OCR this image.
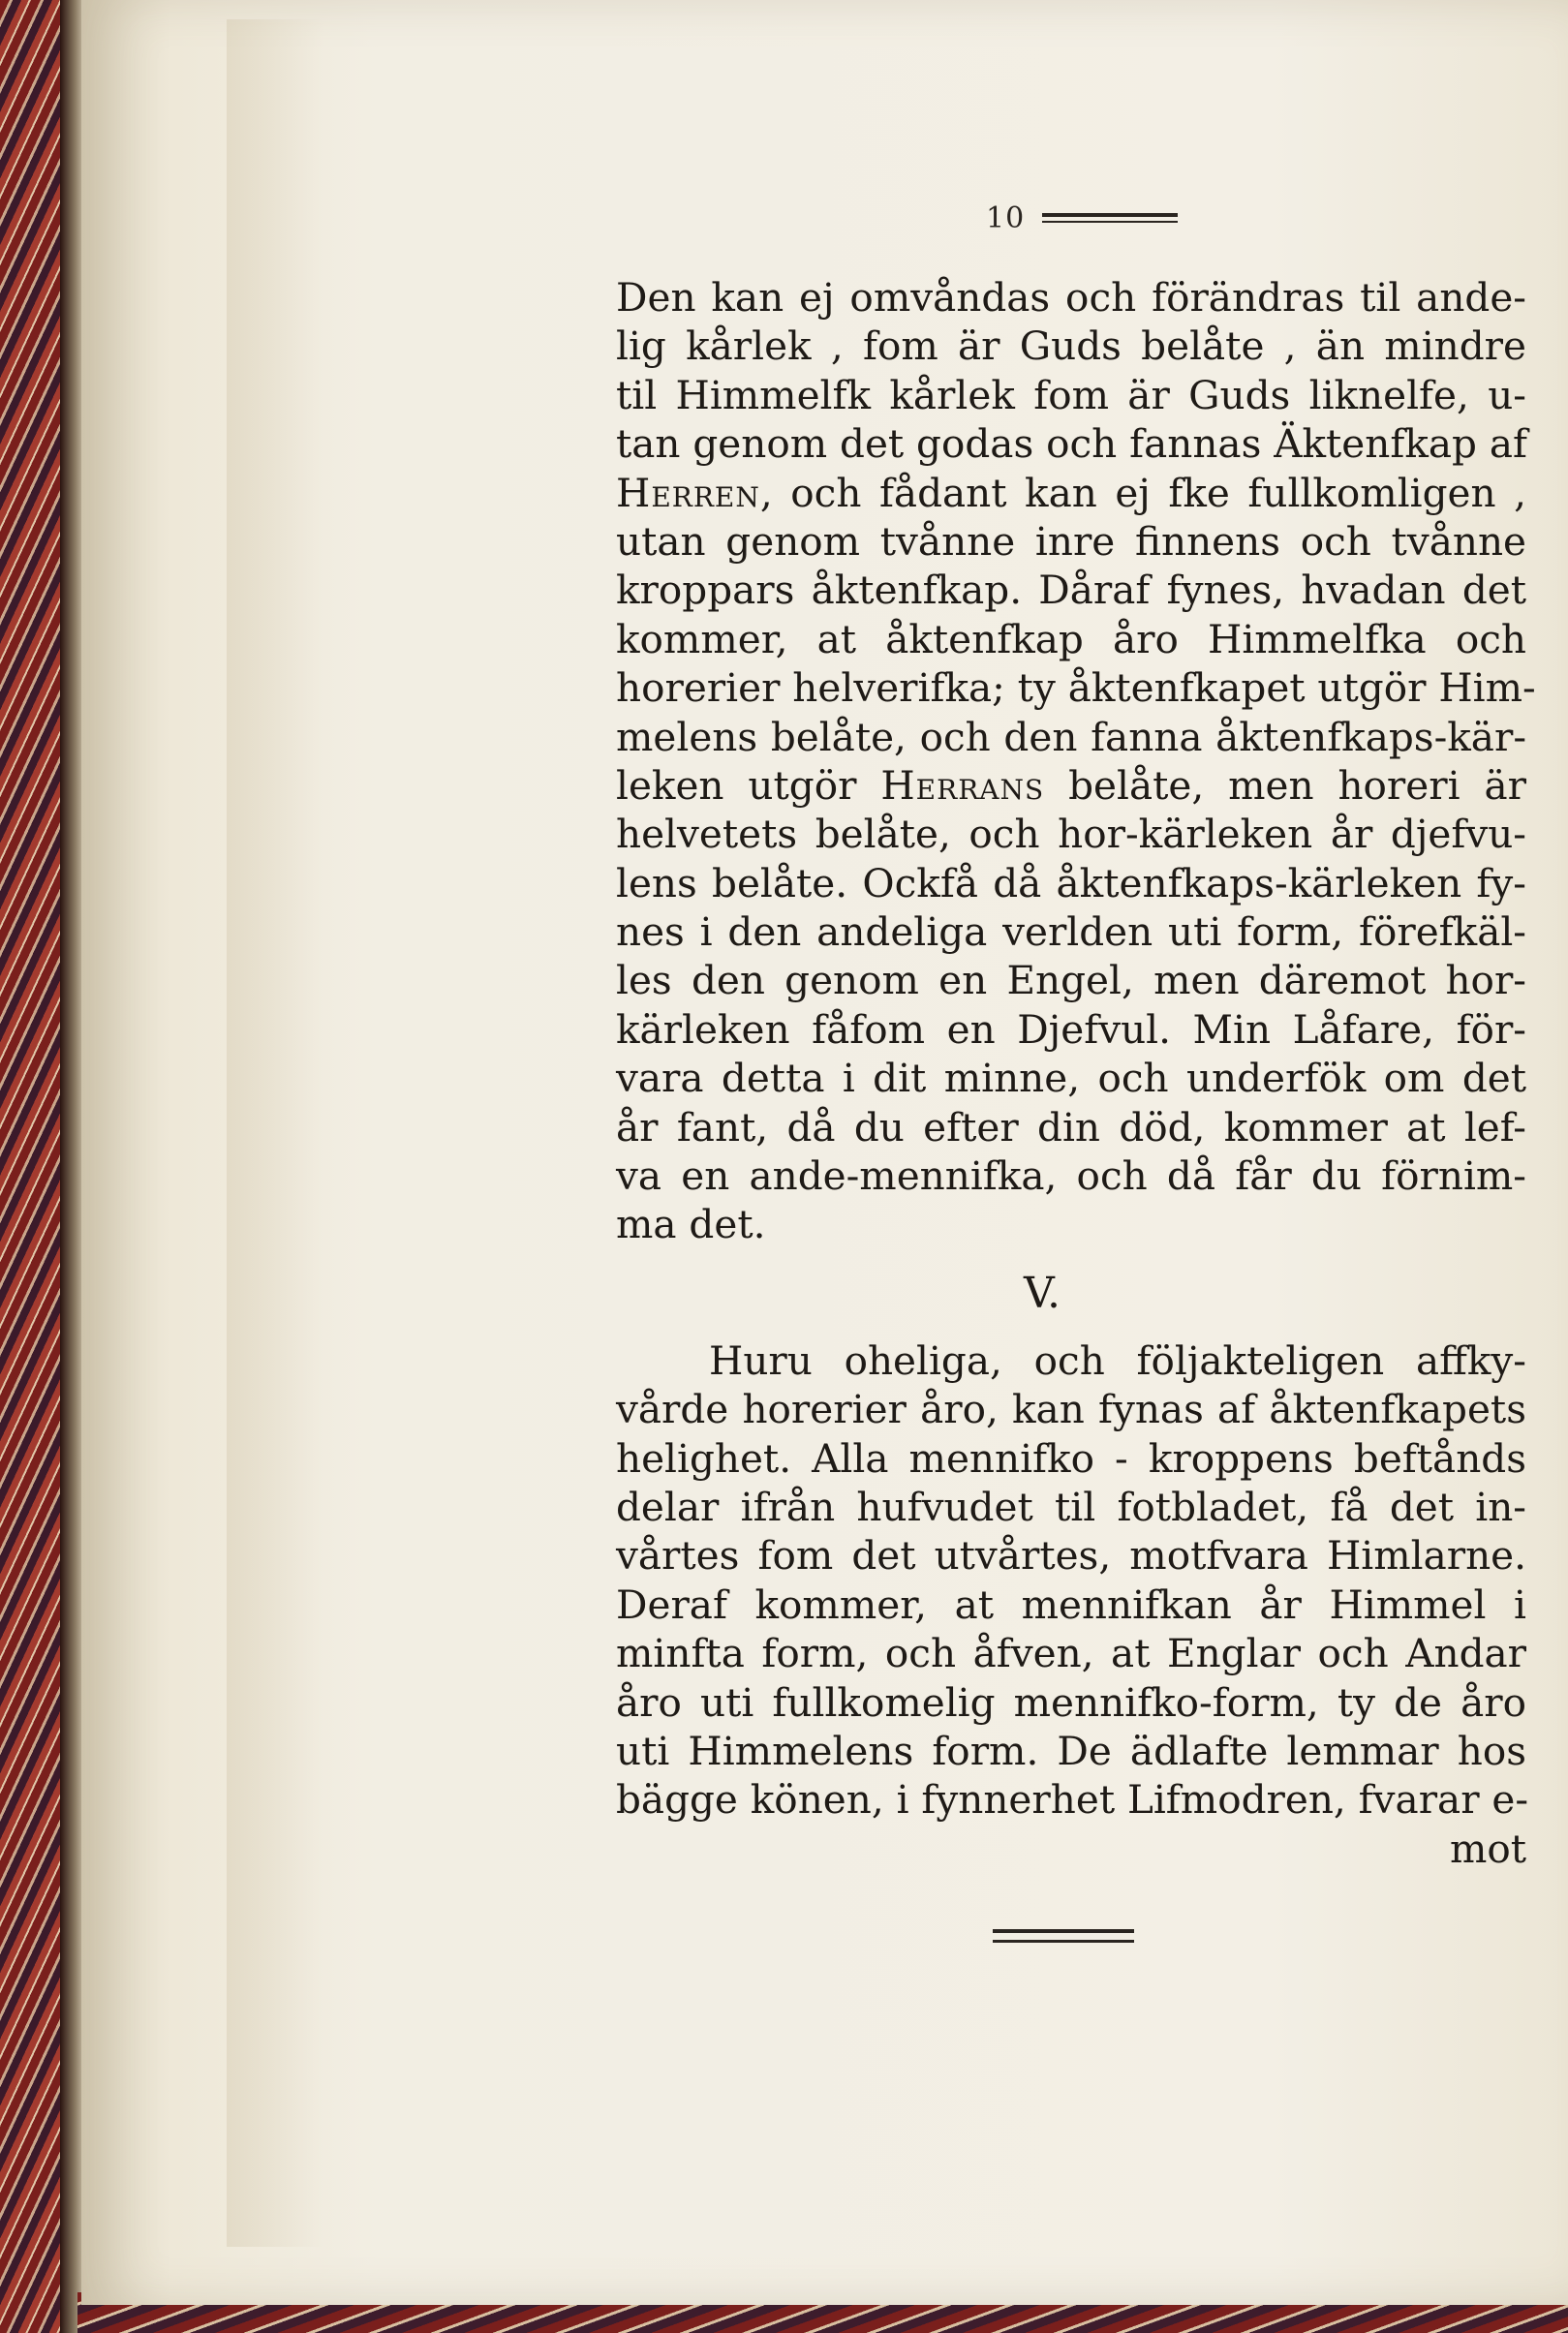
10
Den kan ej omvåndas och förändras til ande-
lig kårlek , fom är Guds belåte , än mindre
til Himmelfk kårlek fom är Guds liknelfe, u-
tan genom det godas och fannas Äktenfkap af
Herren, och fådant kan ej fke fullkomligen ,
utan genom tvånne inre finnens och tvånne
kroppars åktenfkap. Dåraf fynes, hvadan det
kommer, at åktenfkap åro Himmelfka och
horerier helverifka; ty åktenfkapet utgör Him-
melens belåte, och den fanna åktenfkaps-kär-
leken utgör Herrans belåte, men horeri är
helvetets belåte, och hor-kärleken år djefvu-
lens belåte. Ockfå då åktenfkaps-kärleken fy-
nes i den andeliga verlden uti form, förefkäl-
les den genom en Engel, men däremot hor-
kärleken fåfom en Djefvul. Min Låfare, för-
vara detta i dit minne, och underfök om det
år fant, då du efter din död, kommer at lef-
va en ande-mennifka, och då får du förnim-
ma det.
V.
Huru oheliga, och följakteligen affky-
vårde horerier åro, kan fynas af åktenfkapets
helighet. Alla mennifko - kroppens beftånds
delar ifrån hufvudet til fotbladet, få det in-
vårtes fom det utvårtes, motfvara Himlarne.
Deraf kommer, at mennifkan år Himmel i
minfta form, och åfven, at Englar och Andar
åro uti fullkomelig mennifko-form, ty de åro
uti Himmelens form. De ädlafte lemmar hos
bägge könen, i fynnerhet Lifmodren, fvarar e-
mot
